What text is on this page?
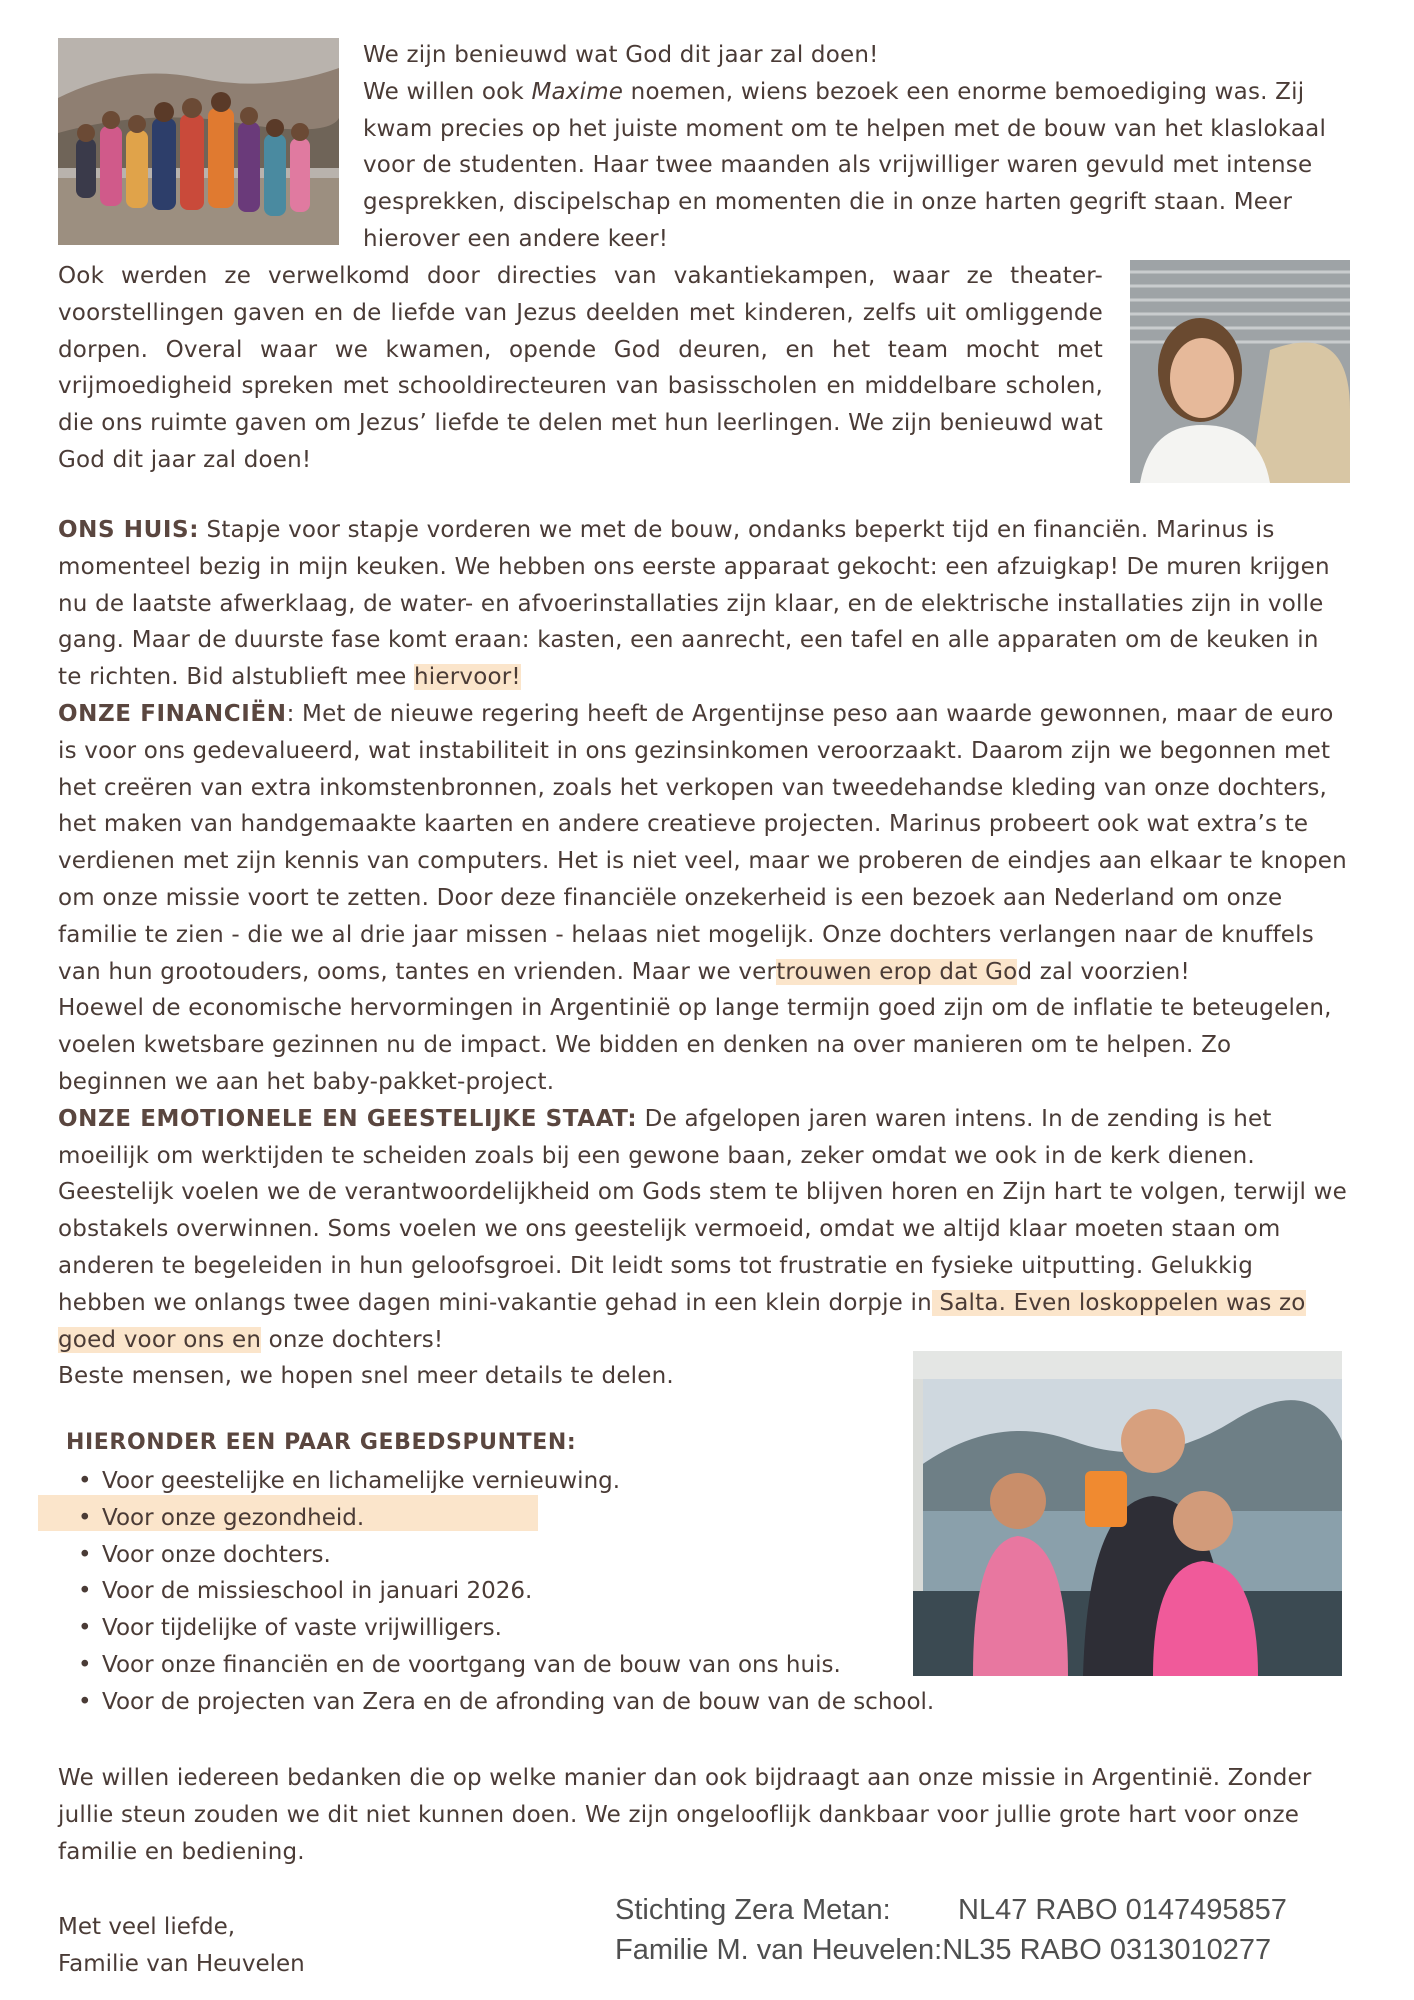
We zijn benieuwd wat God dit jaar zal doen!
We willen ook Maxime noemen, wiens bezoek een enorme bemoediging was. Zij kwam precies op het juiste moment om te helpen met de bouw van het klaslokaal voor de studenten. Haar twee maanden als vrijwilliger waren gevuld met intense gesprekken, discipelschap en momenten die in onze harten gegrift staan. Meer hierover een andere keer!

Ook werden ze verwelkomd door directies van vakantiekampen, waar ze theater-voorstellingen gaven en de liefde van Jezus deelden met kinderen, zelfs uit omliggende dorpen. Overal waar we kwamen, opende God deuren, en het team mocht met vrijmoedigheid spreken met schooldirecteuren van basisscholen en middelbare scholen, die ons ruimte gaven om Jezus’ liefde te delen met hun leerlingen. We zijn benieuwd wat God dit jaar zal doen!

ONS HUIS: Stapje voor stapje vorderen we met de bouw, ondanks beperkt tijd en financiën. Marinus is momenteel bezig in mijn keuken. We hebben ons eerste apparaat gekocht: een afzuigkap! De muren krijgen nu de laatste afwerklaag, de water- en afvoerinstallaties zijn klaar, en de elektrische installaties zijn in volle gang. Maar de duurste fase komt eraan: kasten, een aanrecht, een tafel en alle apparaten om de keuken in te richten. Bid alstublieft mee hiervoor!
ONZE FINANCIËN: Met de nieuwe regering heeft de Argentijnse peso aan waarde gewonnen, maar de euro is voor ons gedevalueerd, wat instabiliteit in ons gezinsinkomen veroorzaakt. Daarom zijn we begonnen met het creëren van extra inkomstenbronnen, zoals het verkopen van tweedehandse kleding van onze dochters, het maken van handgemaakte kaarten en andere creatieve projecten. Marinus probeert ook wat extra’s te verdienen met zijn kennis van computers. Het is niet veel, maar we proberen de eindjes aan elkaar te knopen om onze missie voort te zetten. Door deze financiële onzekerheid is een bezoek aan Nederland om onze familie te zien - die we al drie jaar missen - helaas niet mogelijk. Onze dochters verlangen naar de knuffels van hun grootouders, ooms, tantes en vrienden. Maar we vertrouwen erop dat God zal voorzien!
Hoewel de economische hervormingen in Argentinië op lange termijn goed zijn om de inflatie te beteugelen, voelen kwetsbare gezinnen nu de impact. We bidden en denken na over manieren om te helpen. Zo beginnen we aan het baby-pakket-project.
ONZE EMOTIONELE EN GEESTELIJKE STAAT: De afgelopen jaren waren intens. In de zending is het moeilijk om werktijden te scheiden zoals bij een gewone baan, zeker omdat we ook in de kerk dienen. Geestelijk voelen we de verantwoordelijkheid om Gods stem te blijven horen en Zijn hart te volgen, terwijl we obstakels overwinnen. Soms voelen we ons geestelijk vermoeid, omdat we altijd klaar moeten staan om anderen te begeleiden in hun geloofsgroei. Dit leidt soms tot frustratie en fysieke uitputting. Gelukkig hebben we onlangs twee dagen mini-vakantie gehad in een klein dorpje in Salta. Even loskoppelen was zo goed voor ons en onze dochters!
Beste mensen, we hopen snel meer details te delen.

HIERONDER EEN PAAR GEBEDSPUNTEN:
• Voor geestelijke en lichamelijke vernieuwing.
• Voor onze gezondheid.
• Voor onze dochters.
• Voor de missieschool in januari 2026.
• Voor tijdelijke of vaste vrijwilligers.
• Voor onze financiën en de voortgang van de bouw van ons huis.
• Voor de projecten van Zera en de afronding van de bouw van de school.

We willen iedereen bedanken die op welke manier dan ook bijdraagt aan onze missie in Argentinië. Zonder jullie steun zouden we dit niet kunnen doen. We zijn ongelooflijk dankbaar voor jullie grote hart voor onze familie en bediening.

Met veel liefde,
Familie van Heuvelen
Stichting Zera Metan:	NL47 RABO 0147495857
Familie M. van Heuvelen: NL35 RABO 0313010277
